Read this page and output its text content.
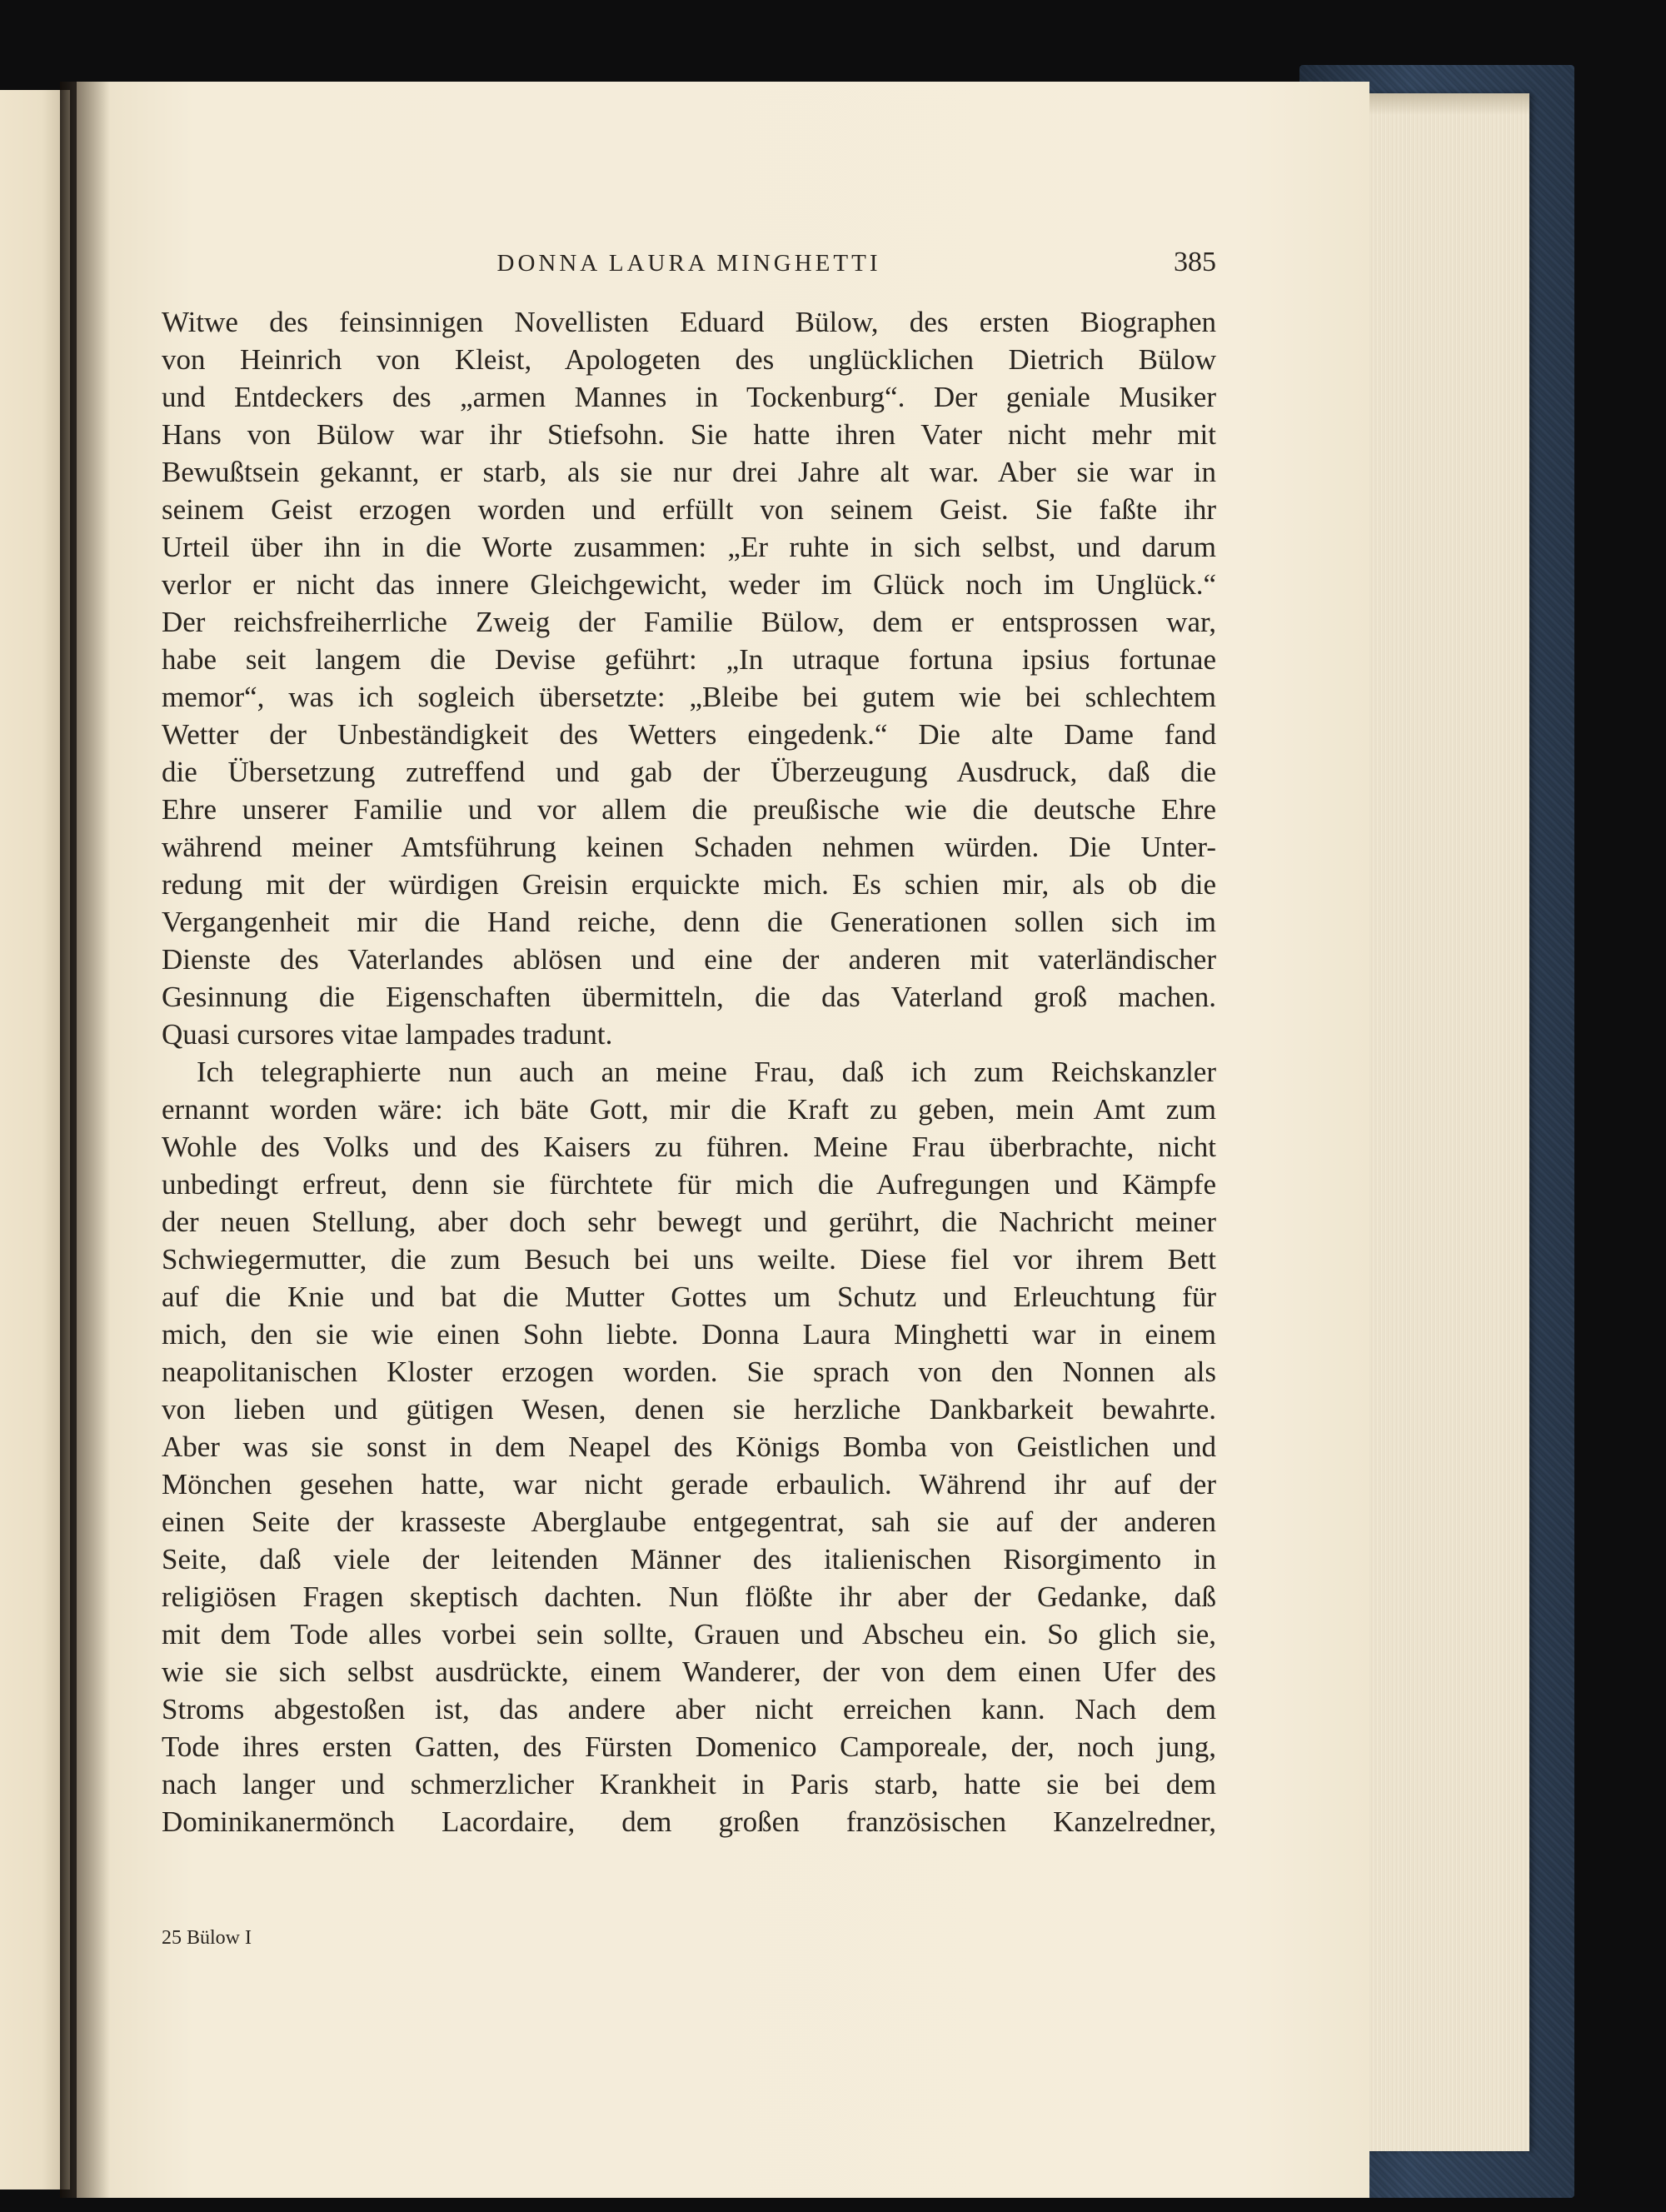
DONNA LAURA MINGHETTI	385
Witwe des feinsinnigen Novellisten Eduard Bülow, des ersten Biographen
von Heinrich von Kleist, Apologeten des unglücklichen Dietrich Bülow
und Entdeckers des „armen Mannes in Tockenburg“. Der geniale Musiker
Hans von Bülow war ihr Stiefsohn. Sie hatte ihren Vater nicht mehr mit
Bewußtsein gekannt, er starb, als sie nur drei Jahre alt war. Aber sie war in
seinem Geist erzogen worden und erfüllt von seinem Geist. Sie faßte ihr
Urteil über ihn in die Worte zusammen: „Er ruhte in sich selbst, und darum
verlor er nicht das innere Gleichgewicht, weder im Glück noch im Unglück.“
Der reichsfreiherrliche Zweig der Familie Bülow, dem er entsprossen war,
habe seit langem die Devise geführt: „In utraque fortuna ipsius fortunae
memor“, was ich sogleich übersetzte: „Bleibe bei gutem wie bei schlechtem
Wetter der Unbeständigkeit des Wetters eingedenk.“ Die alte Dame fand
die Übersetzung zutreffend und gab der Überzeugung Ausdruck, daß die
Ehre unserer Familie und vor allem die preußische wie die deutsche Ehre
während meiner Amtsführung keinen Schaden nehmen würden. Die Unter-
redung mit der würdigen Greisin erquickte mich. Es schien mir, als ob die
Vergangenheit mir die Hand reiche, denn die Generationen sollen sich im
Dienste des Vaterlandes ablösen und eine der anderen mit vaterländischer
Gesinnung die Eigenschaften übermitteln, die das Vaterland groß machen.
Quasi cursores vitae lampades tradunt.
Ich telegraphierte nun auch an meine Frau, daß ich zum Reichskanzler
ernannt worden wäre: ich bäte Gott, mir die Kraft zu geben, mein Amt zum
Wohle des Volks und des Kaisers zu führen. Meine Frau überbrachte, nicht
unbedingt erfreut, denn sie fürchtete für mich die Aufregungen und Kämpfe
der neuen Stellung, aber doch sehr bewegt und gerührt, die Nachricht meiner
Schwiegermutter, die zum Besuch bei uns weilte. Diese fiel vor ihrem Bett
auf die Knie und bat die Mutter Gottes um Schutz und Erleuchtung für
mich, den sie wie einen Sohn liebte. Donna Laura Minghetti war in einem
neapolitanischen Kloster erzogen worden. Sie sprach von den Nonnen als
von lieben und gütigen Wesen, denen sie herzliche Dankbarkeit bewahrte.
Aber was sie sonst in dem Neapel des Königs Bomba von Geistlichen und
Mönchen gesehen hatte, war nicht gerade erbaulich. Während ihr auf der
einen Seite der krasseste Aberglaube entgegentrat, sah sie auf der anderen
Seite, daß viele der leitenden Männer des italienischen Risorgimento in
religiösen Fragen skeptisch dachten. Nun flößte ihr aber der Gedanke, daß
mit dem Tode alles vorbei sein sollte, Grauen und Abscheu ein. So glich sie,
wie sie sich selbst ausdrückte, einem Wanderer, der von dem einen Ufer des
Stroms abgestoßen ist, das andere aber nicht erreichen kann. Nach dem
Tode ihres ersten Gatten, des Fürsten Domenico Camporeale, der, noch jung,
nach langer und schmerzlicher Krankheit in Paris starb, hatte sie bei dem
Dominikanermönch Lacordaire, dem großen französischen Kanzelredner,
25 Bülow I
